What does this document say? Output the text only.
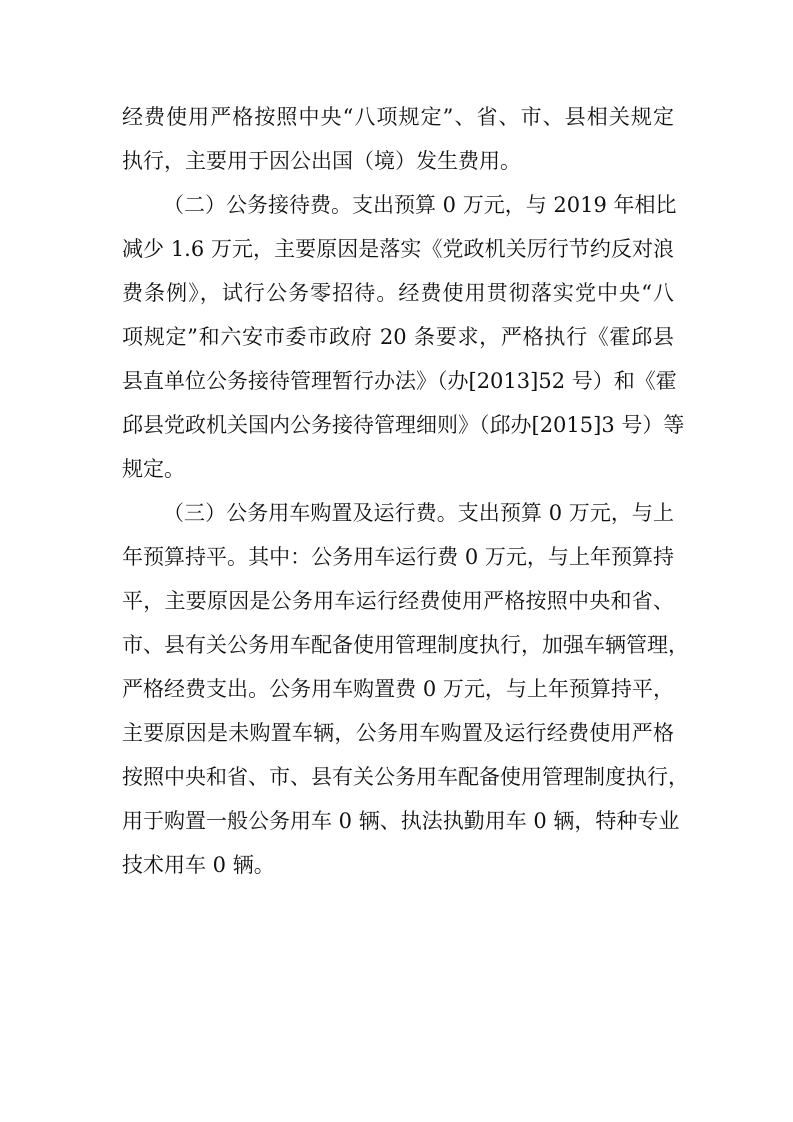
经费使用严格按照中央“八项规定”、省、市、县相关规定
执行，主要用于因公出国（境）发生费用。
（二）公务接待费。支出预算 0 万元，与 2019 年相比
减少 1.6 万元，主要原因是落实《党政机关厉行节约反对浪
费条例》，试行公务零招待。经费使用贯彻落实党中央“八
项规定”和六安市委市政府 20 条要求，严格执行《霍邱县
县直单位公务接待管理暂行办法》（办[2013]52 号）和《霍
邱县党政机关国内公务接待管理细则》（邱办[2015]3 号）等
规定。
（三）公务用车购置及运行费。支出预算 0 万元，与上
年预算持平。其中：公务用车运行费 0 万元，与上年预算持
平，主要原因是公务用车运行经费使用严格按照中央和省、
市、县有关公务用车配备使用管理制度执行，加强车辆管理，
严格经费支出。公务用车购置费 0 万元，与上年预算持平，
主要原因是未购置车辆，公务用车购置及运行经费使用严格
按照中央和省、市、县有关公务用车配备使用管理制度执行，
用于购置一般公务用车 0 辆、执法执勤用车 0 辆，特种专业
技术用车 0 辆。
